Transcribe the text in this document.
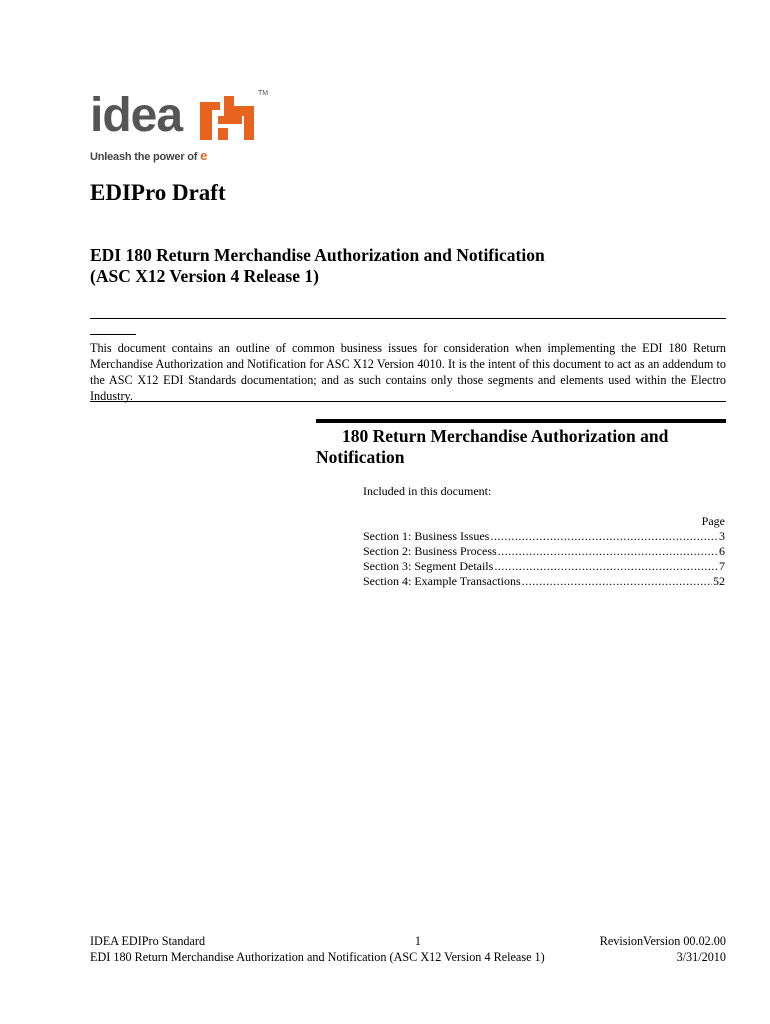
idea	TM
Unleash the power of e
EDIPro Draft
EDI 180 Return Merchandise Authorization and Notification
(ASC X12 Version 4 Release 1)
This document contains an outline of common business issues for consideration when implementing the EDI 180 Return Merchandise Authorization and Notification for ASC X12 Version 4010. It is the intent of this document to act as an addendum to the ASC X12 EDI Standards documentation; and as such contains only those segments and elements used within the Electro Industry.
180 Return Merchandise Authorization and
Notification
Included in this document:
Page
Section 1: Business Issues .....	3
Section 2: Business Process .....	6
Section 3: Segment Details .....	7
Section 4: Example Transactions .....	52
IDEA EDIPro Standard	1	RevisionVersion 00.02.00
EDI 180 Return Merchandise Authorization and Notification (ASC X12 Version 4 Release 1)	3/31/2010
